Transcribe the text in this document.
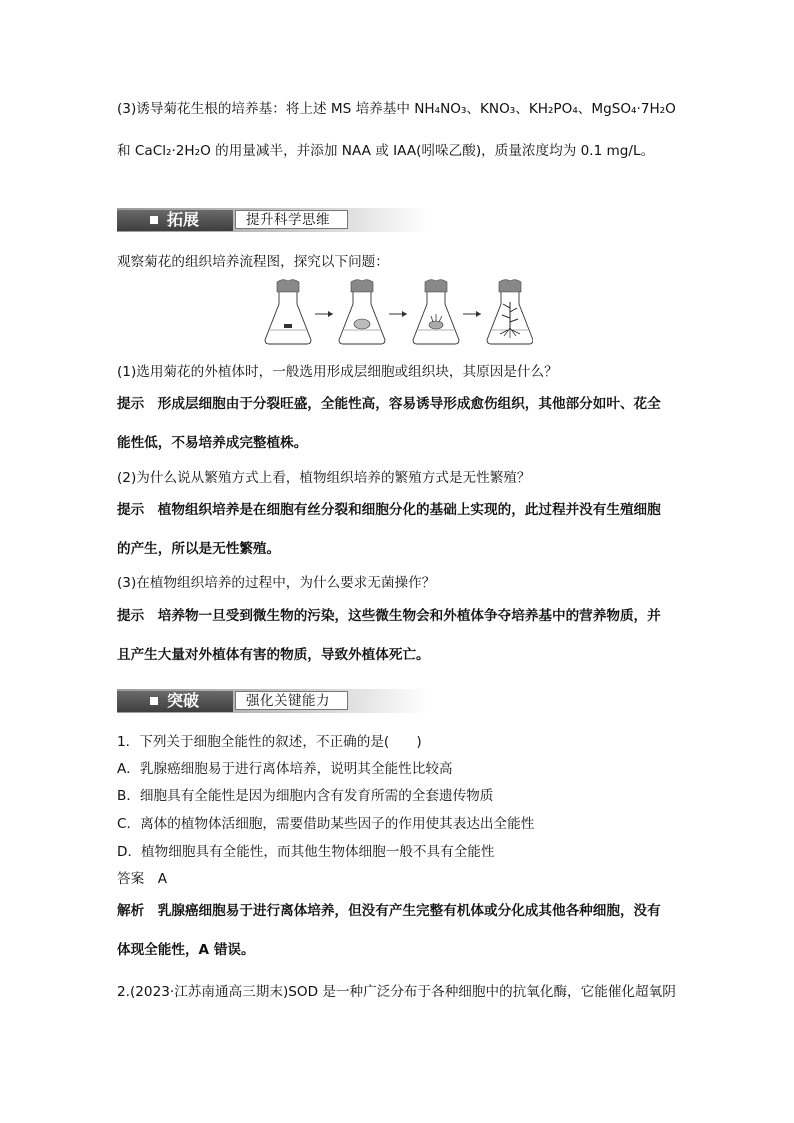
(3)诱导菊花生根的培养基：将上述 MS 培养基中 NH₄NO₃、KNO₃、KH₂PO₄、MgSO₄·7H₂O
和 CaCl₂·2H₂O 的用量减半，并添加 NAA 或 IAA(吲哚乙酸)，质量浓度均为 0.1 mg/L。
拓展	提升科学思维
观察菊花的组织培养流程图，探究以下问题：
(1)选用菊花的外植体时，一般选用形成层细胞或组织块，其原因是什么？
提示　形成层细胞由于分裂旺盛，全能性高，容易诱导形成愈伤组织，其他部分如叶、花全
能性低，不易培养成完整植株。
(2)为什么说从繁殖方式上看，植物组织培养的繁殖方式是无性繁殖？
提示　植物组织培养是在细胞有丝分裂和细胞分化的基础上实现的，此过程并没有生殖细胞
的产生，所以是无性繁殖。
(3)在植物组织培养的过程中，为什么要求无菌操作？
提示　培养物一旦受到微生物的污染，这些微生物会和外植体争夺培养基中的营养物质，并
且产生大量对外植体有害的物质，导致外植体死亡。
突破	强化关键能力
1．下列关于细胞全能性的叙述，不正确的是(　　)
A．乳腺癌细胞易于进行离体培养，说明其全能性比较高
B．细胞具有全能性是因为细胞内含有发育所需的全套遗传物质
C．离体的植物体活细胞，需要借助某些因子的作用使其表达出全能性
D．植物细胞具有全能性，而其他生物体细胞一般不具有全能性
答案　A
解析　乳腺癌细胞易于进行离体培养，但没有产生完整有机体或分化成其他各种细胞，没有
体现全能性，A 错误。
2.(2023·江苏南通高三期末)SOD 是一种广泛分布于各种细胞中的抗氧化酶，它能催化超氧阴
